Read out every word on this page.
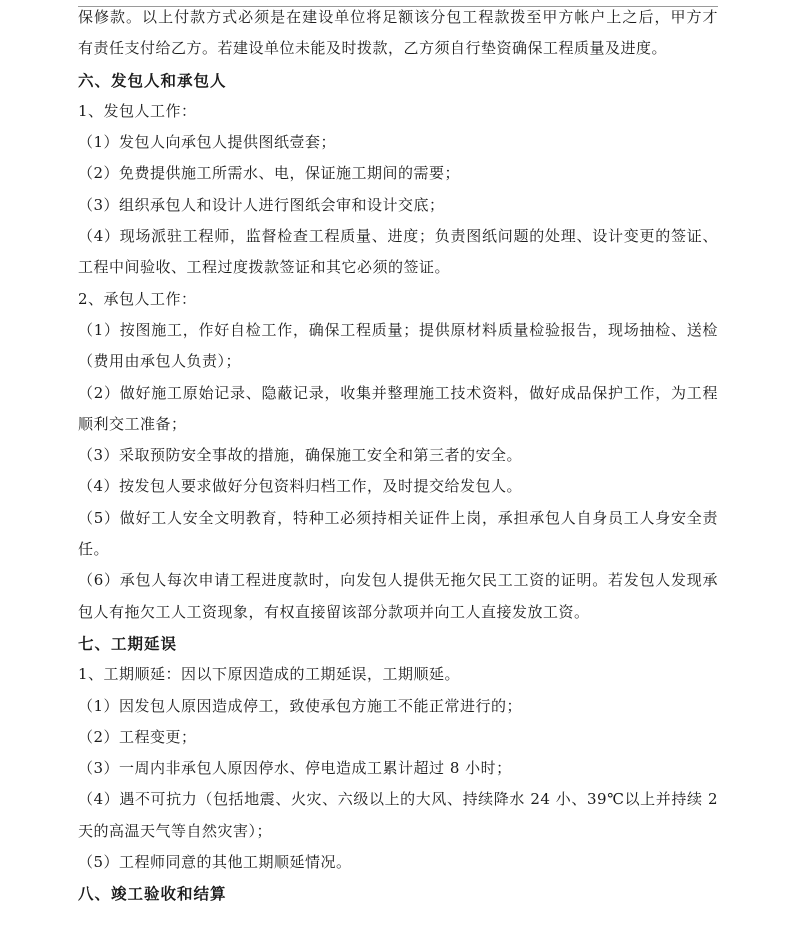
保修款。以上付款方式必须是在建设单位将足额该分包工程款拨至甲方帐户上之后，甲方才
有责任支付给乙方。若建设单位未能及时拨款，乙方须自行垫资确保工程质量及进度。
六、发包人和承包人
1、发包人工作：
（1）发包人向承包人提供图纸壹套；
（2）免费提供施工所需水、电，保证施工期间的需要；
（3）组织承包人和设计人进行图纸会审和设计交底；
（4）现场派驻工程师，监督检查工程质量、进度；负责图纸问题的处理、设计变更的签证、
工程中间验收、工程过度拨款签证和其它必须的签证。
2、承包人工作：
（1）按图施工，作好自检工作，确保工程质量；提供原材料质量检验报告，现场抽检、送检
（费用由承包人负责）；
（2）做好施工原始记录、隐蔽记录，收集并整理施工技术资料，做好成品保护工作，为工程
顺利交工准备；
（3）采取预防安全事故的措施，确保施工安全和第三者的安全。
（4）按发包人要求做好分包资料归档工作，及时提交给发包人。
（5）做好工人安全文明教育，特种工必须持相关证件上岗，承担承包人自身员工人身安全责
任。
（6）承包人每次申请工程进度款时，向发包人提供无拖欠民工工资的证明。若发包人发现承
包人有拖欠工人工资现象，有权直接留该部分款项并向工人直接发放工资。
七、工期延误
1、工期顺延：因以下原因造成的工期延误，工期顺延。
（1）因发包人原因造成停工，致使承包方施工不能正常进行的；
（2）工程变更；
（3）一周内非承包人原因停水、停电造成工累计超过 8 小时；
（4）遇不可抗力（包括地震、火灾、六级以上的大风、持续降水 24 小、39℃以上并持续 2
天的高温天气等自然灾害）；
（5）工程师同意的其他工期顺延情况。
八、竣工验收和结算
